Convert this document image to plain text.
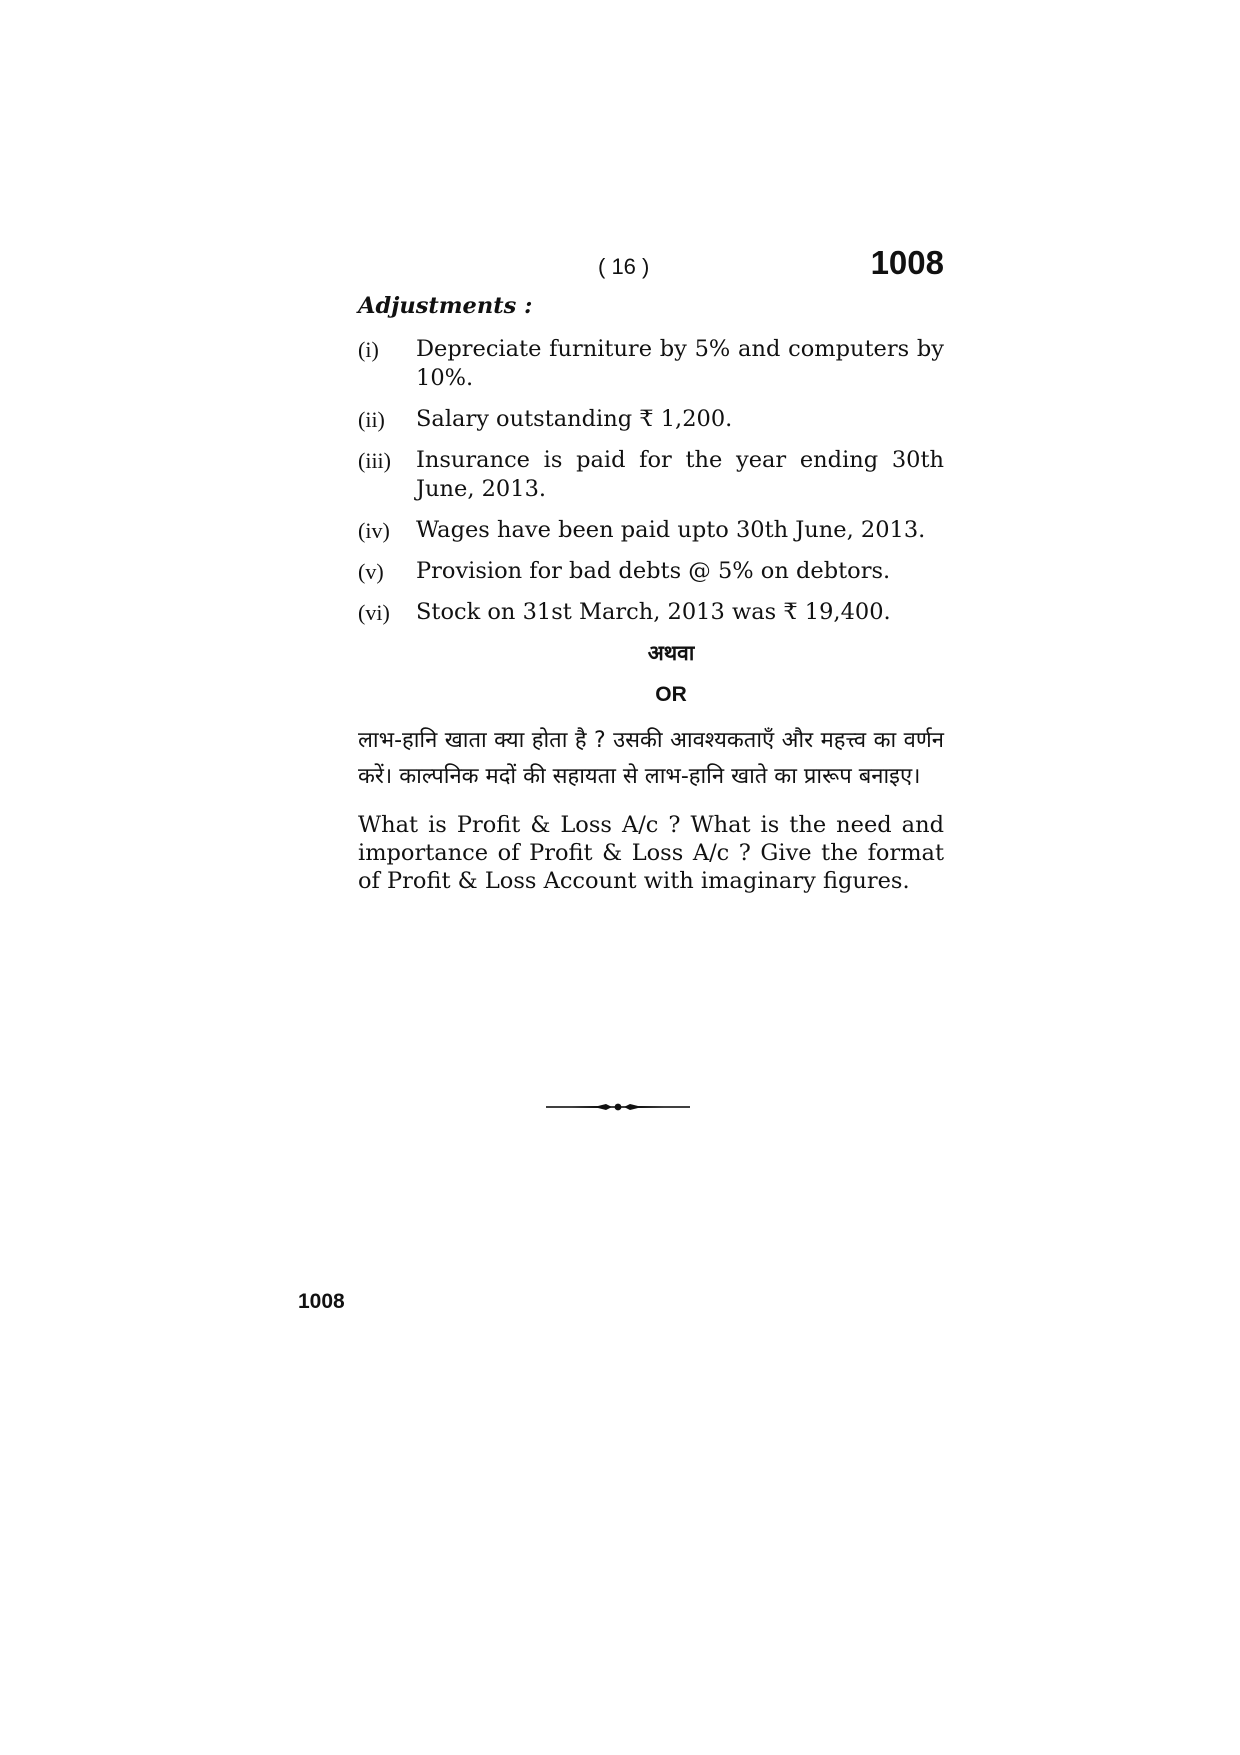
( 16 )	1008
Adjustments :
(i)	Depreciate furniture by 5% and computers by 10%.
(ii)	Salary outstanding ₹ 1,200.
(iii)	Insurance is paid for the year ending 30th June, 2013.
(iv)	Wages have been paid upto 30th June, 2013.
(v)	Provision for bad debts @ 5% on debtors.
(vi)	Stock on 31st March, 2013 was ₹ 19,400.
अथवा
OR
लाभ-हानि खाता क्या होता है ? उसकी आवश्यकताएँ और महत्त्व का वर्णन करें। काल्पनिक मदों की सहायता से लाभ-हानि खाते का प्रारूप बनाइए।
What is Profit & Loss A/c ? What is the need and importance of Profit & Loss A/c ? Give the format of Profit & Loss Account with imaginary figures.
1008
